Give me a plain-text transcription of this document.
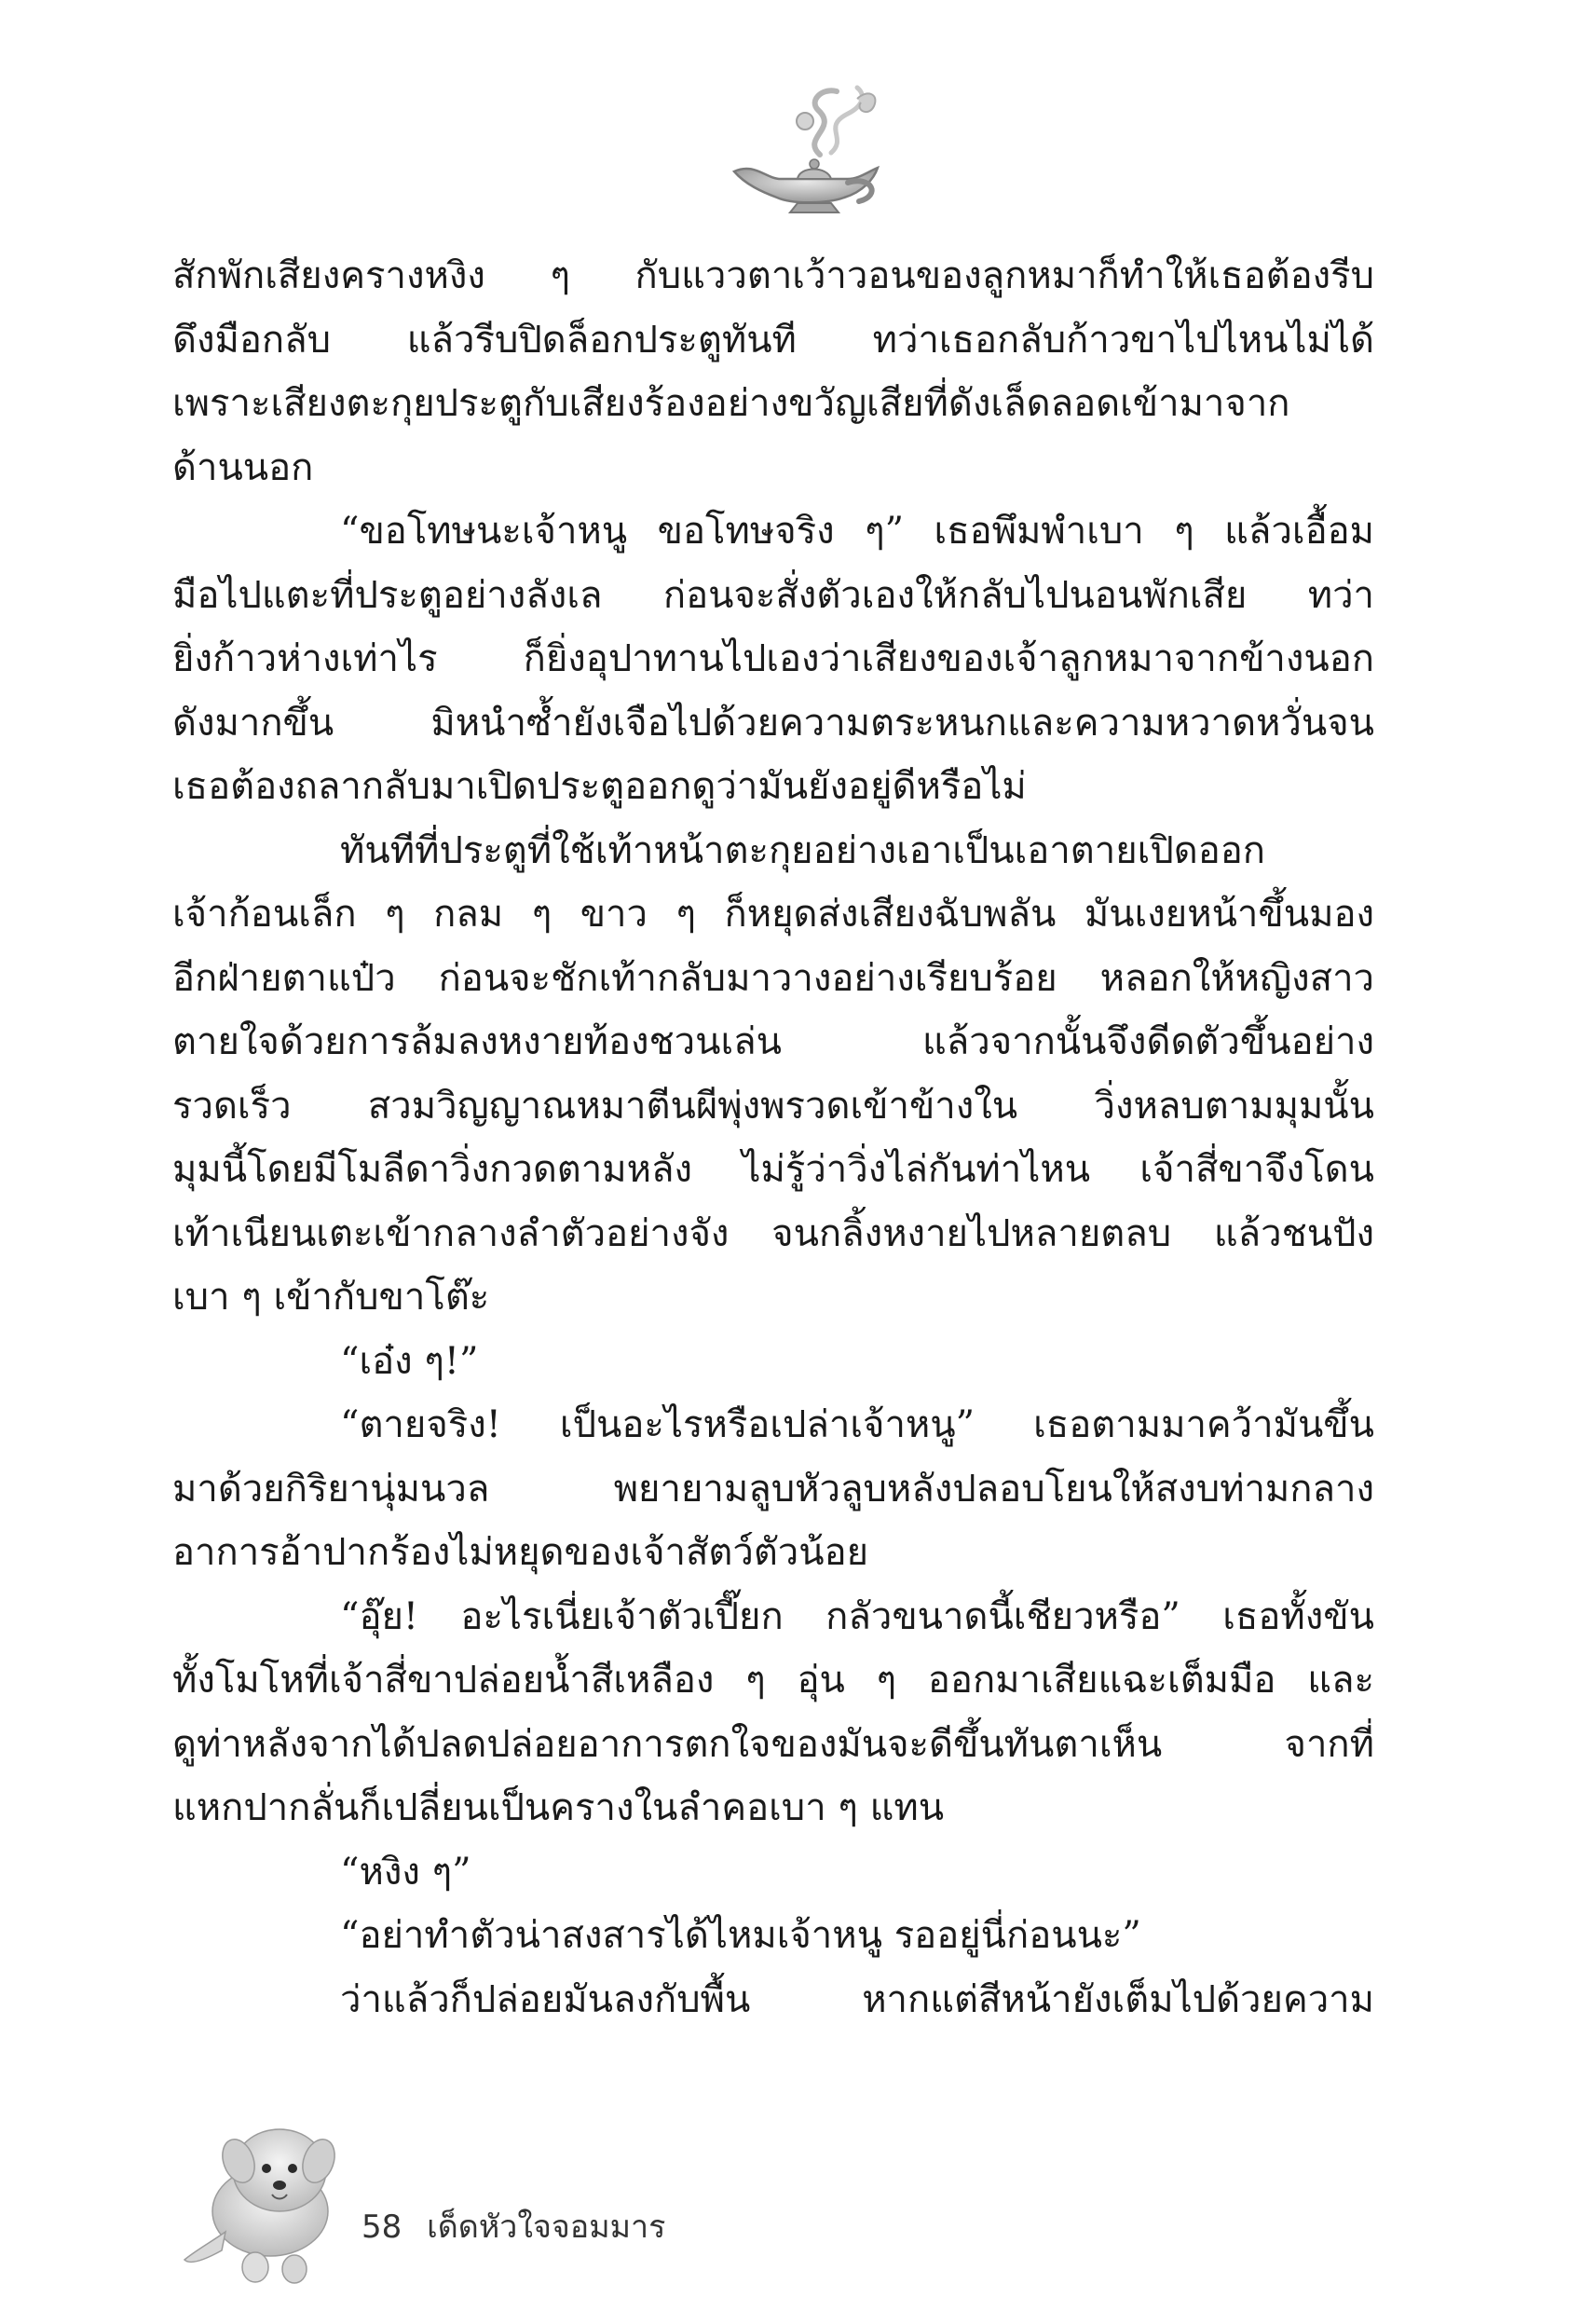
สักพักเสียงครางหงิง ๆ กับแววตาเว้าวอนของลูกหมาก็ทำให้เธอต้องรีบ
ดึงมือกลับ แล้วรีบปิดล็อกประตูทันที ทว่าเธอกลับก้าวขาไปไหนไม่ได้
เพราะเสียงตะกุยประตูกับเสียงร้องอย่างขวัญเสียที่ดังเล็ดลอดเข้ามาจาก
ด้านนอก
“ขอโทษนะเจ้าหนู ขอโทษจริง ๆ” เธอพึมพำเบา ๆ แล้วเอื้อม
มือไปแตะที่ประตูอย่างลังเล ก่อนจะสั่งตัวเองให้กลับไปนอนพักเสีย ทว่า
ยิ่งก้าวห่างเท่าไร ก็ยิ่งอุปาทานไปเองว่าเสียงของเจ้าลูกหมาจากข้างนอก
ดังมากขึ้น มิหนำซ้ำยังเจือไปด้วยความตระหนกและความหวาดหวั่นจน
เธอต้องถลากลับมาเปิดประตูออกดูว่ามันยังอยู่ดีหรือไม่
ทันทีที่ประตูที่ใช้เท้าหน้าตะกุยอย่างเอาเป็นเอาตายเปิดออก
เจ้าก้อนเล็ก ๆ กลม ๆ ขาว ๆ ก็หยุดส่งเสียงฉับพลัน มันเงยหน้าขึ้นมอง
อีกฝ่ายตาแป๋ว ก่อนจะชักเท้ากลับมาวางอย่างเรียบร้อย หลอกให้หญิงสาว
ตายใจด้วยการล้มลงหงายท้องชวนเล่น แล้วจากนั้นจึงดีดตัวขึ้นอย่าง
รวดเร็ว สวมวิญญาณหมาตีนผีพุ่งพรวดเข้าข้างใน วิ่งหลบตามมุมนั้น
มุมนี้โดยมีโมลีดาวิ่งกวดตามหลัง ไม่รู้ว่าวิ่งไล่กันท่าไหน เจ้าสี่ขาจึงโดน
เท้าเนียนเตะเข้ากลางลำตัวอย่างจัง จนกลิ้งหงายไปหลายตลบ แล้วชนปัง
เบา ๆ เข้ากับขาโต๊ะ
“เอ๋ง ๆ!”
“ตายจริง! เป็นอะไรหรือเปล่าเจ้าหนู” เธอตามมาคว้ามันขึ้น
มาด้วยกิริยานุ่มนวล พยายามลูบหัวลูบหลังปลอบโยนให้สงบท่ามกลาง
อาการอ้าปากร้องไม่หยุดของเจ้าสัตว์ตัวน้อย
“อุ๊ย! อะไรเนี่ยเจ้าตัวเปี๊ยก กลัวขนาดนี้เชียวหรือ” เธอทั้งขัน
ทั้งโมโหที่เจ้าสี่ขาปล่อยน้ำสีเหลือง ๆ อุ่น ๆ ออกมาเสียแฉะเต็มมือ และ
ดูท่าหลังจากได้ปลดปล่อยอาการตกใจของมันจะดีขึ้นทันตาเห็น จากที่
แหกปากลั่นก็เปลี่ยนเป็นครางในลำคอเบา ๆ แทน
“หงิง ๆ”
“อย่าทำตัวน่าสงสารได้ไหมเจ้าหนู รออยู่นี่ก่อนนะ”
ว่าแล้วก็ปล่อยมันลงกับพื้น หากแต่สีหน้ายังเต็มไปด้วยความ
58 เด็ดหัวใจจอมมาร
